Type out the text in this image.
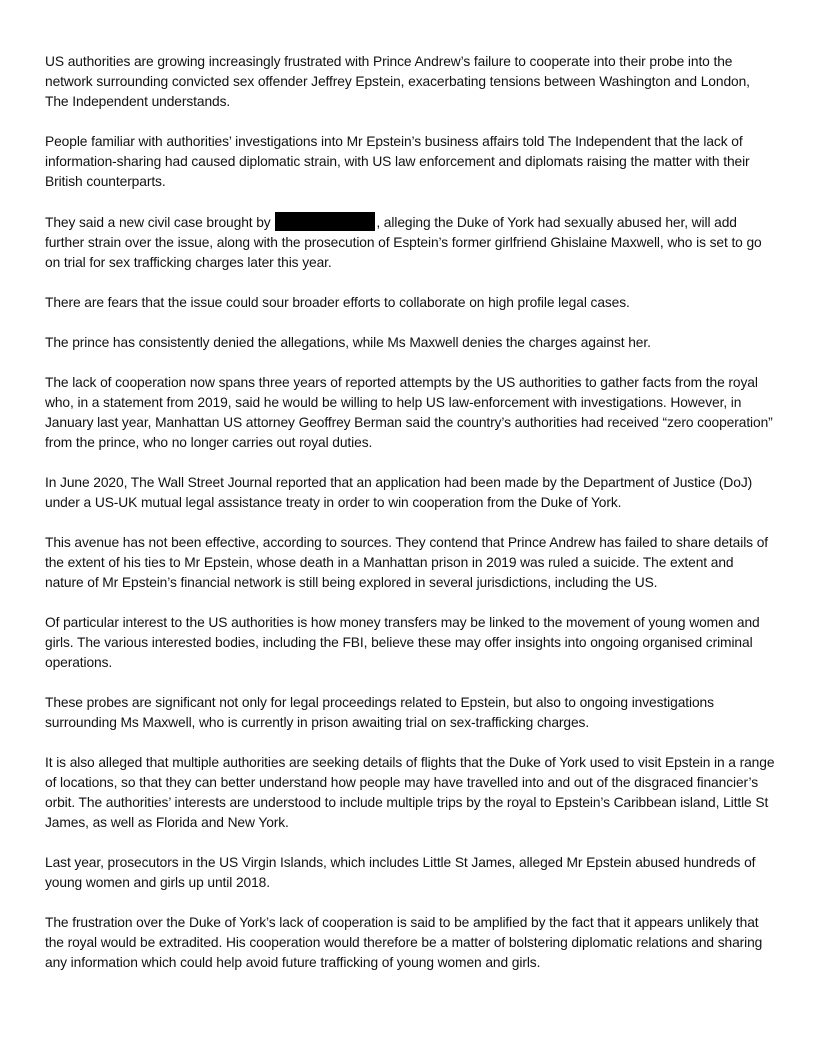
US authorities are growing increasingly frustrated with Prince Andrew’s failure to cooperate into their probe into the network surrounding convicted sex offender Jeffrey Epstein, exacerbating tensions between Washington and London, The Independent understands.

People familiar with authorities’ investigations into Mr Epstein’s business affairs told The Independent that the lack of information-sharing had caused diplomatic strain, with US law enforcement and diplomats raising the matter with their British counterparts.

They said a new civil case brought by	, alleging the Duke of York had sexually abused her, will add further strain over the issue, along with the prosecution of Esptein’s former girlfriend Ghislaine Maxwell, who is set to go on trial for sex trafficking charges later this year.

There are fears that the issue could sour broader efforts to collaborate on high profile legal cases.

The prince has consistently denied the allegations, while Ms Maxwell denies the charges against her.

The lack of cooperation now spans three years of reported attempts by the US authorities to gather facts from the royal who, in a statement from 2019, said he would be willing to help US law-enforcement with investigations. However, in January last year, Manhattan US attorney Geoffrey Berman said the country’s authorities had received “zero cooperation” from the prince, who no longer carries out royal duties.

In June 2020, The Wall Street Journal reported that an application had been made by the Department of Justice (DoJ) under a US-UK mutual legal assistance treaty in order to win cooperation from the Duke of York.

This avenue has not been effective, according to sources. They contend that Prince Andrew has failed to share details of the extent of his ties to Mr Epstein, whose death in a Manhattan prison in 2019 was ruled a suicide. The extent and nature of Mr Epstein’s financial network is still being explored in several jurisdictions, including the US.

Of particular interest to the US authorities is how money transfers may be linked to the movement of young women and girls. The various interested bodies, including the FBI, believe these may offer insights into ongoing organised criminal operations.

These probes are significant not only for legal proceedings related to Epstein, but also to ongoing investigations surrounding Ms Maxwell, who is currently in prison awaiting trial on sex-trafficking charges.

It is also alleged that multiple authorities are seeking details of flights that the Duke of York used to visit Epstein in a range of locations, so that they can better understand how people may have travelled into and out of the disgraced financier’s orbit. The authorities’ interests are understood to include multiple trips by the royal to Epstein’s Caribbean island, Little St James, as well as Florida and New York.

Last year, prosecutors in the US Virgin Islands, which includes Little St James, alleged Mr Epstein abused hundreds of young women and girls up until 2018.

The frustration over the Duke of York’s lack of cooperation is said to be amplified by the fact that it appears unlikely that the royal would be extradited. His cooperation would therefore be a matter of bolstering diplomatic relations and sharing any information which could help avoid future trafficking of young women and girls.
